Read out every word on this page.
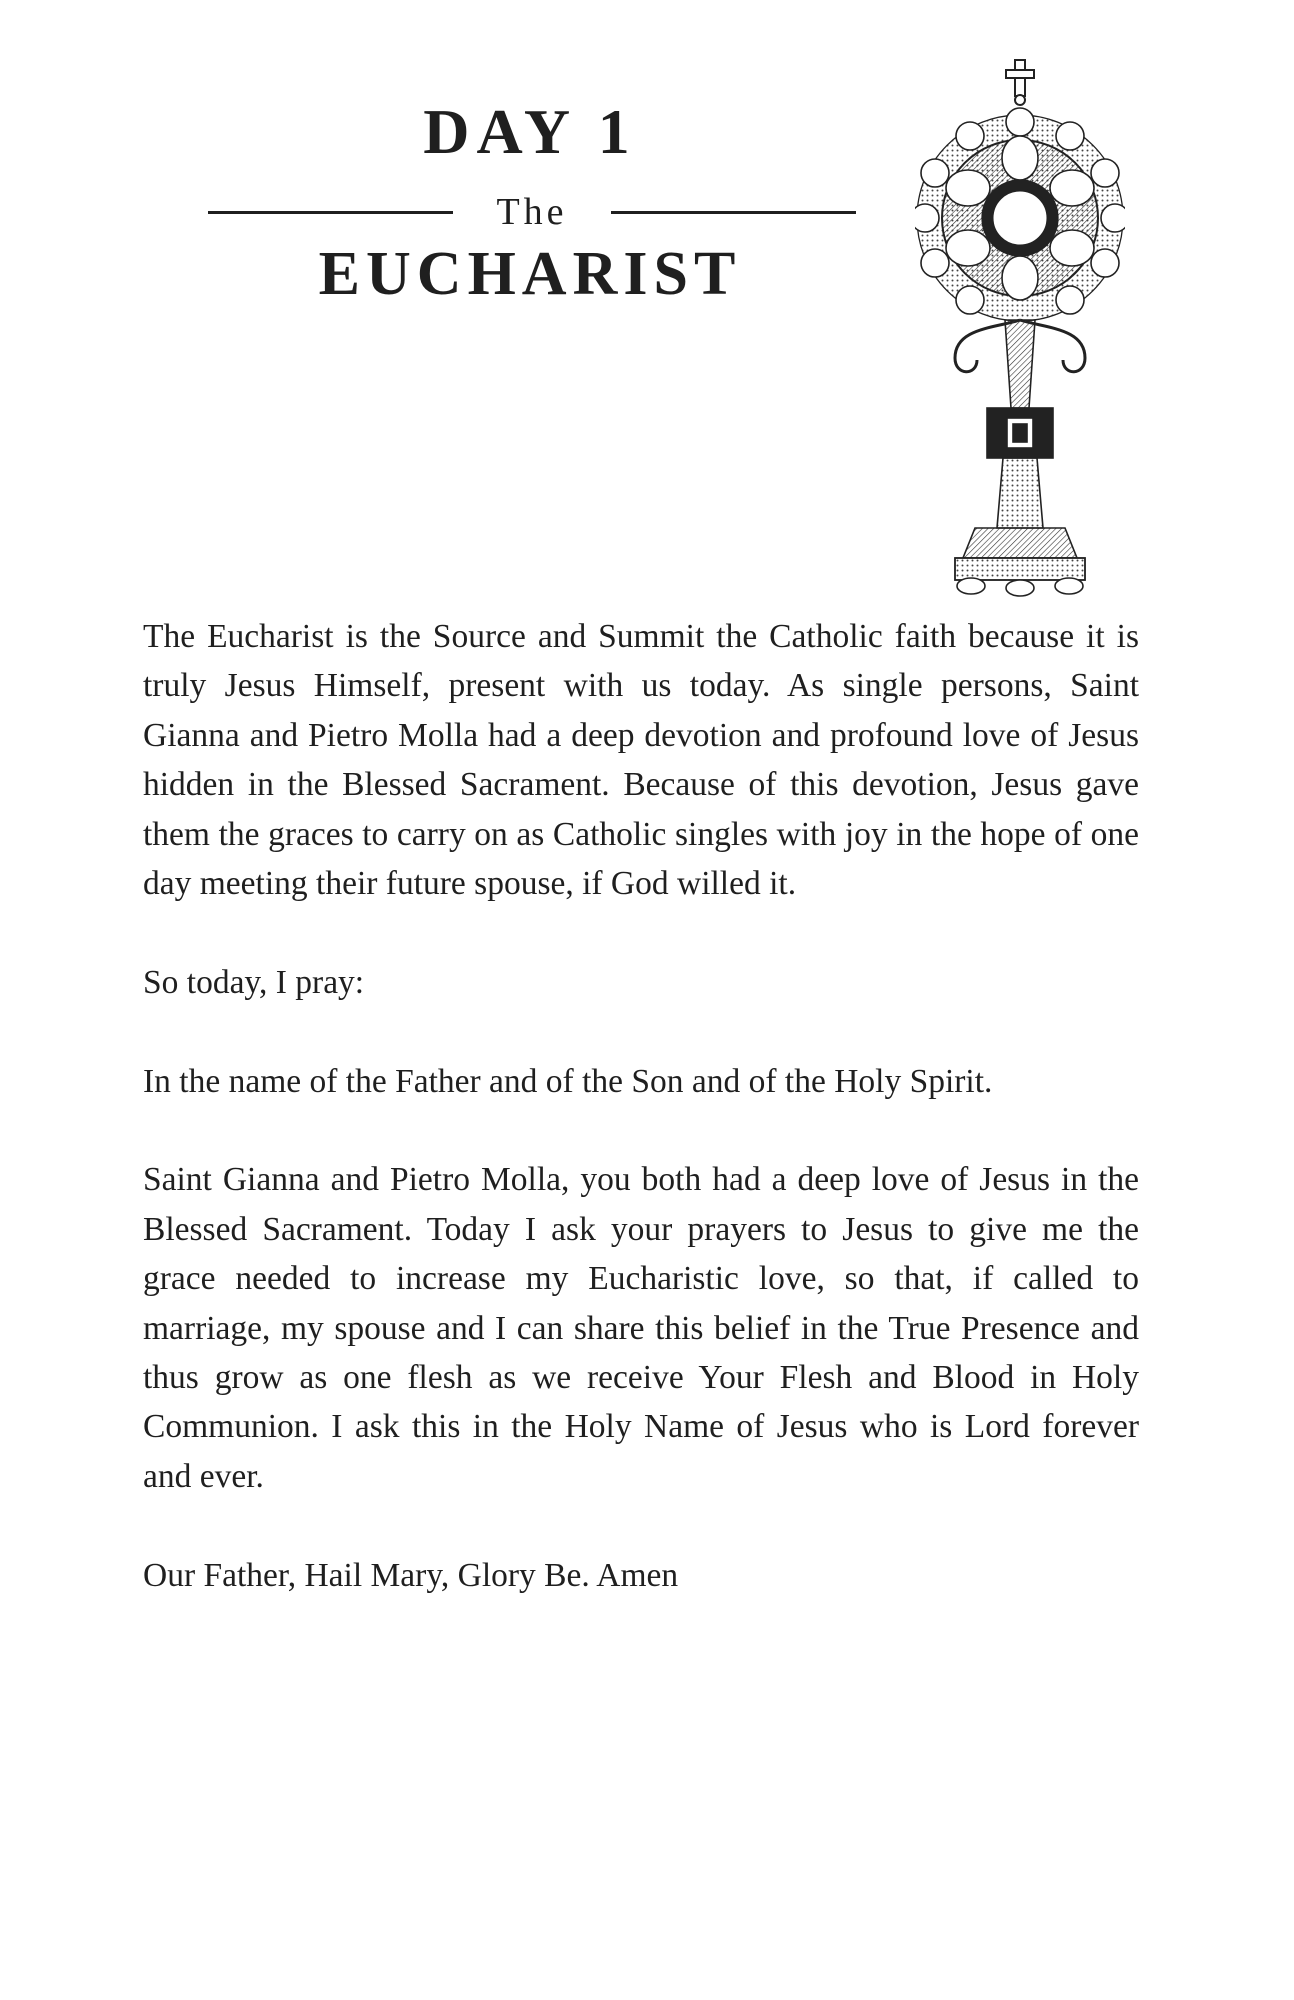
DAY 1
The
EUCHARIST

The Eucharist is the Source and Summit the Catholic faith because it is truly Jesus Himself, present with us today. As single persons, Saint Gianna and Pietro Molla had a deep devotion and profound love of Jesus hidden in the Blessed Sacrament. Because of this devotion, Jesus gave them the graces to carry on as Catholic singles with joy in the hope of one day meeting their future spouse, if God willed it.

So today, I pray:

In the name of the Father and of the Son and of the Holy Spirit.

Saint Gianna and Pietro Molla, you both had a deep love of Jesus in the Blessed Sacrament. Today I ask your prayers to Jesus to give me the grace needed to increase my Eucharistic love, so that, if called to marriage, my spouse and I can share this belief in the True Presence and thus grow as one flesh as we receive Your Flesh and Blood in Holy Communion. I ask this in the Holy Name of Jesus who is Lord forever and ever.

Our Father, Hail Mary, Glory Be. Amen
